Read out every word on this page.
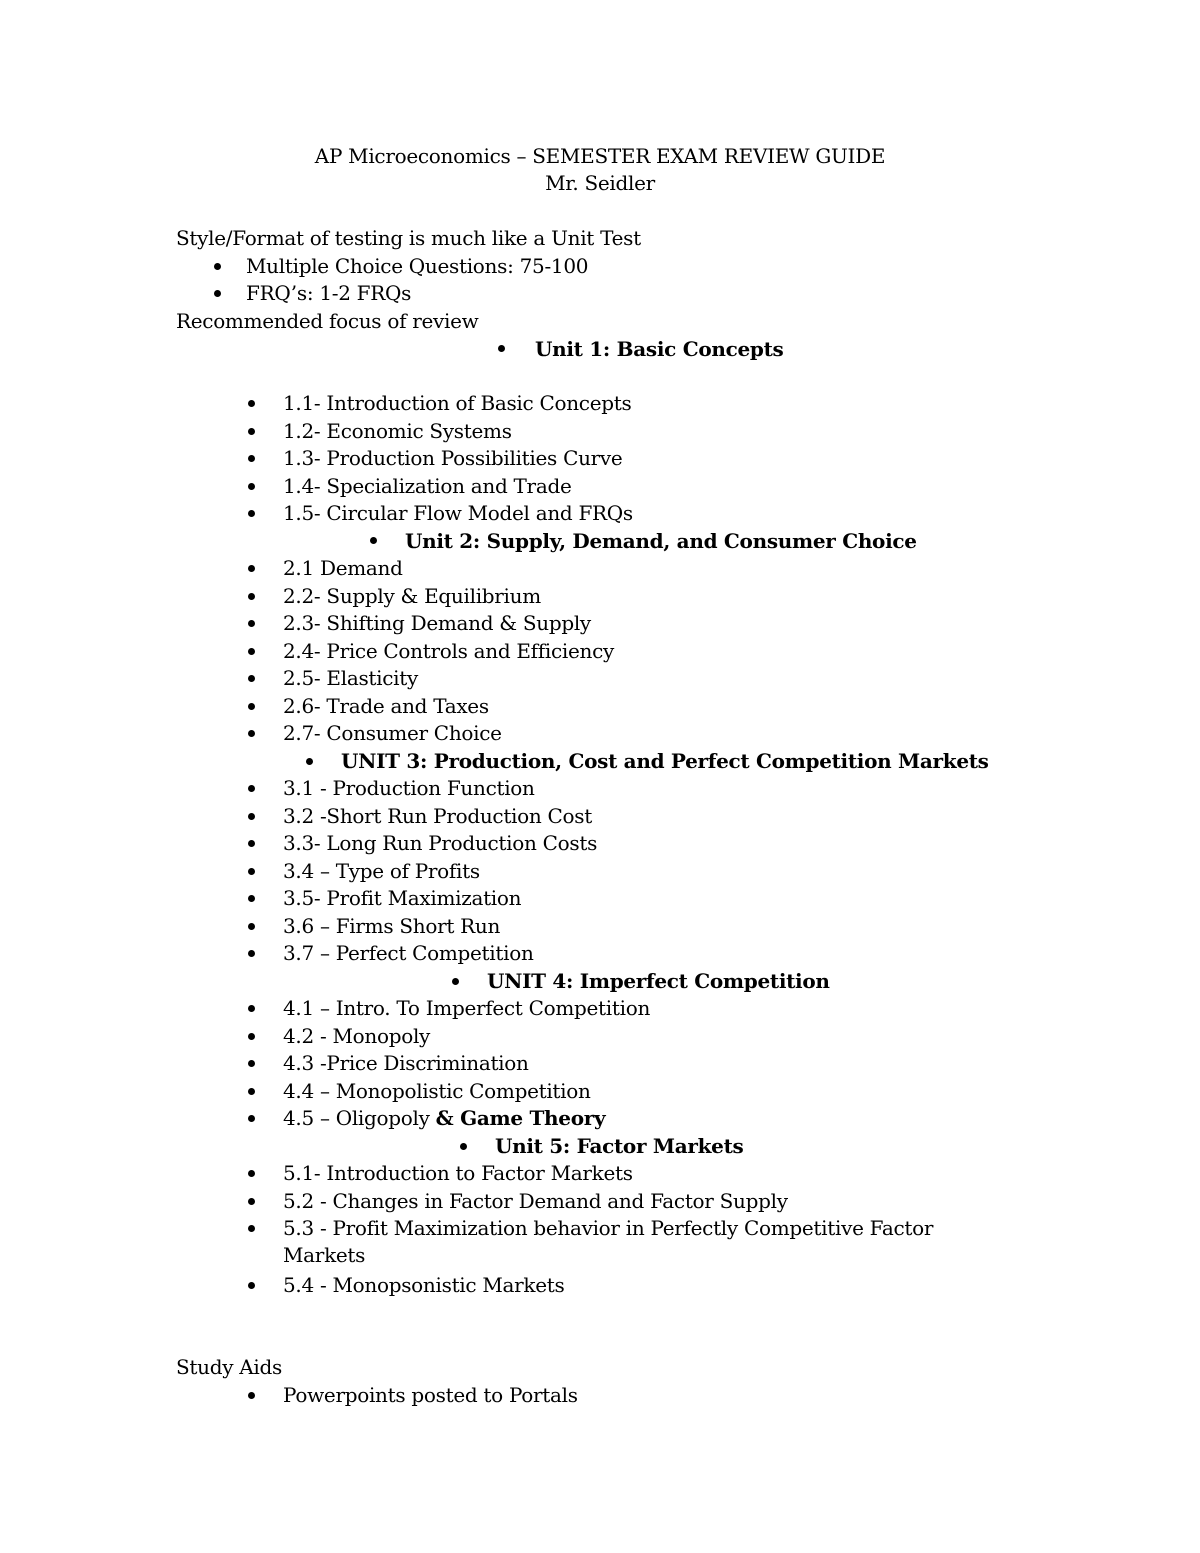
AP Microeconomics – SEMESTER EXAM REVIEW GUIDE
Mr. Seidler
Style/Format of testing is much like a Unit Test
Multiple Choice Questions: 75-100
FRQ’s: 1-2 FRQs
Recommended focus of review
Unit 1: Basic Concepts
1.1- Introduction of Basic Concepts
1.2- Economic Systems
1.3- Production Possibilities Curve
1.4- Specialization and Trade
1.5- Circular Flow Model and FRQs
Unit 2: Supply, Demand, and Consumer Choice
2.1 Demand
2.2- Supply & Equilibrium
2.3- Shifting Demand & Supply
2.4- Price Controls and Efficiency
2.5- Elasticity
2.6- Trade and Taxes
2.7- Consumer Choice
UNIT 3: Production, Cost and Perfect Competition Markets
3.1 - Production Function
3.2 -Short Run Production Cost
3.3- Long Run Production Costs
3.4 – Type of Profits
3.5- Profit Maximization
3.6 – Firms Short Run
3.7 – Perfect Competition
UNIT 4: Imperfect Competition
4.1 – Intro. To Imperfect Competition
4.2 - Monopoly
4.3 -Price Discrimination
4.4 – Monopolistic Competition
4.5 – Oligopoly & Game Theory
Unit 5: Factor Markets
5.1- Introduction to Factor Markets
5.2 - Changes in Factor Demand and Factor Supply
5.3 - Profit Maximization behavior in Perfectly Competitive Factor
Markets
5.4 - Monopsonistic Markets
Study Aids
Powerpoints posted to Portals
